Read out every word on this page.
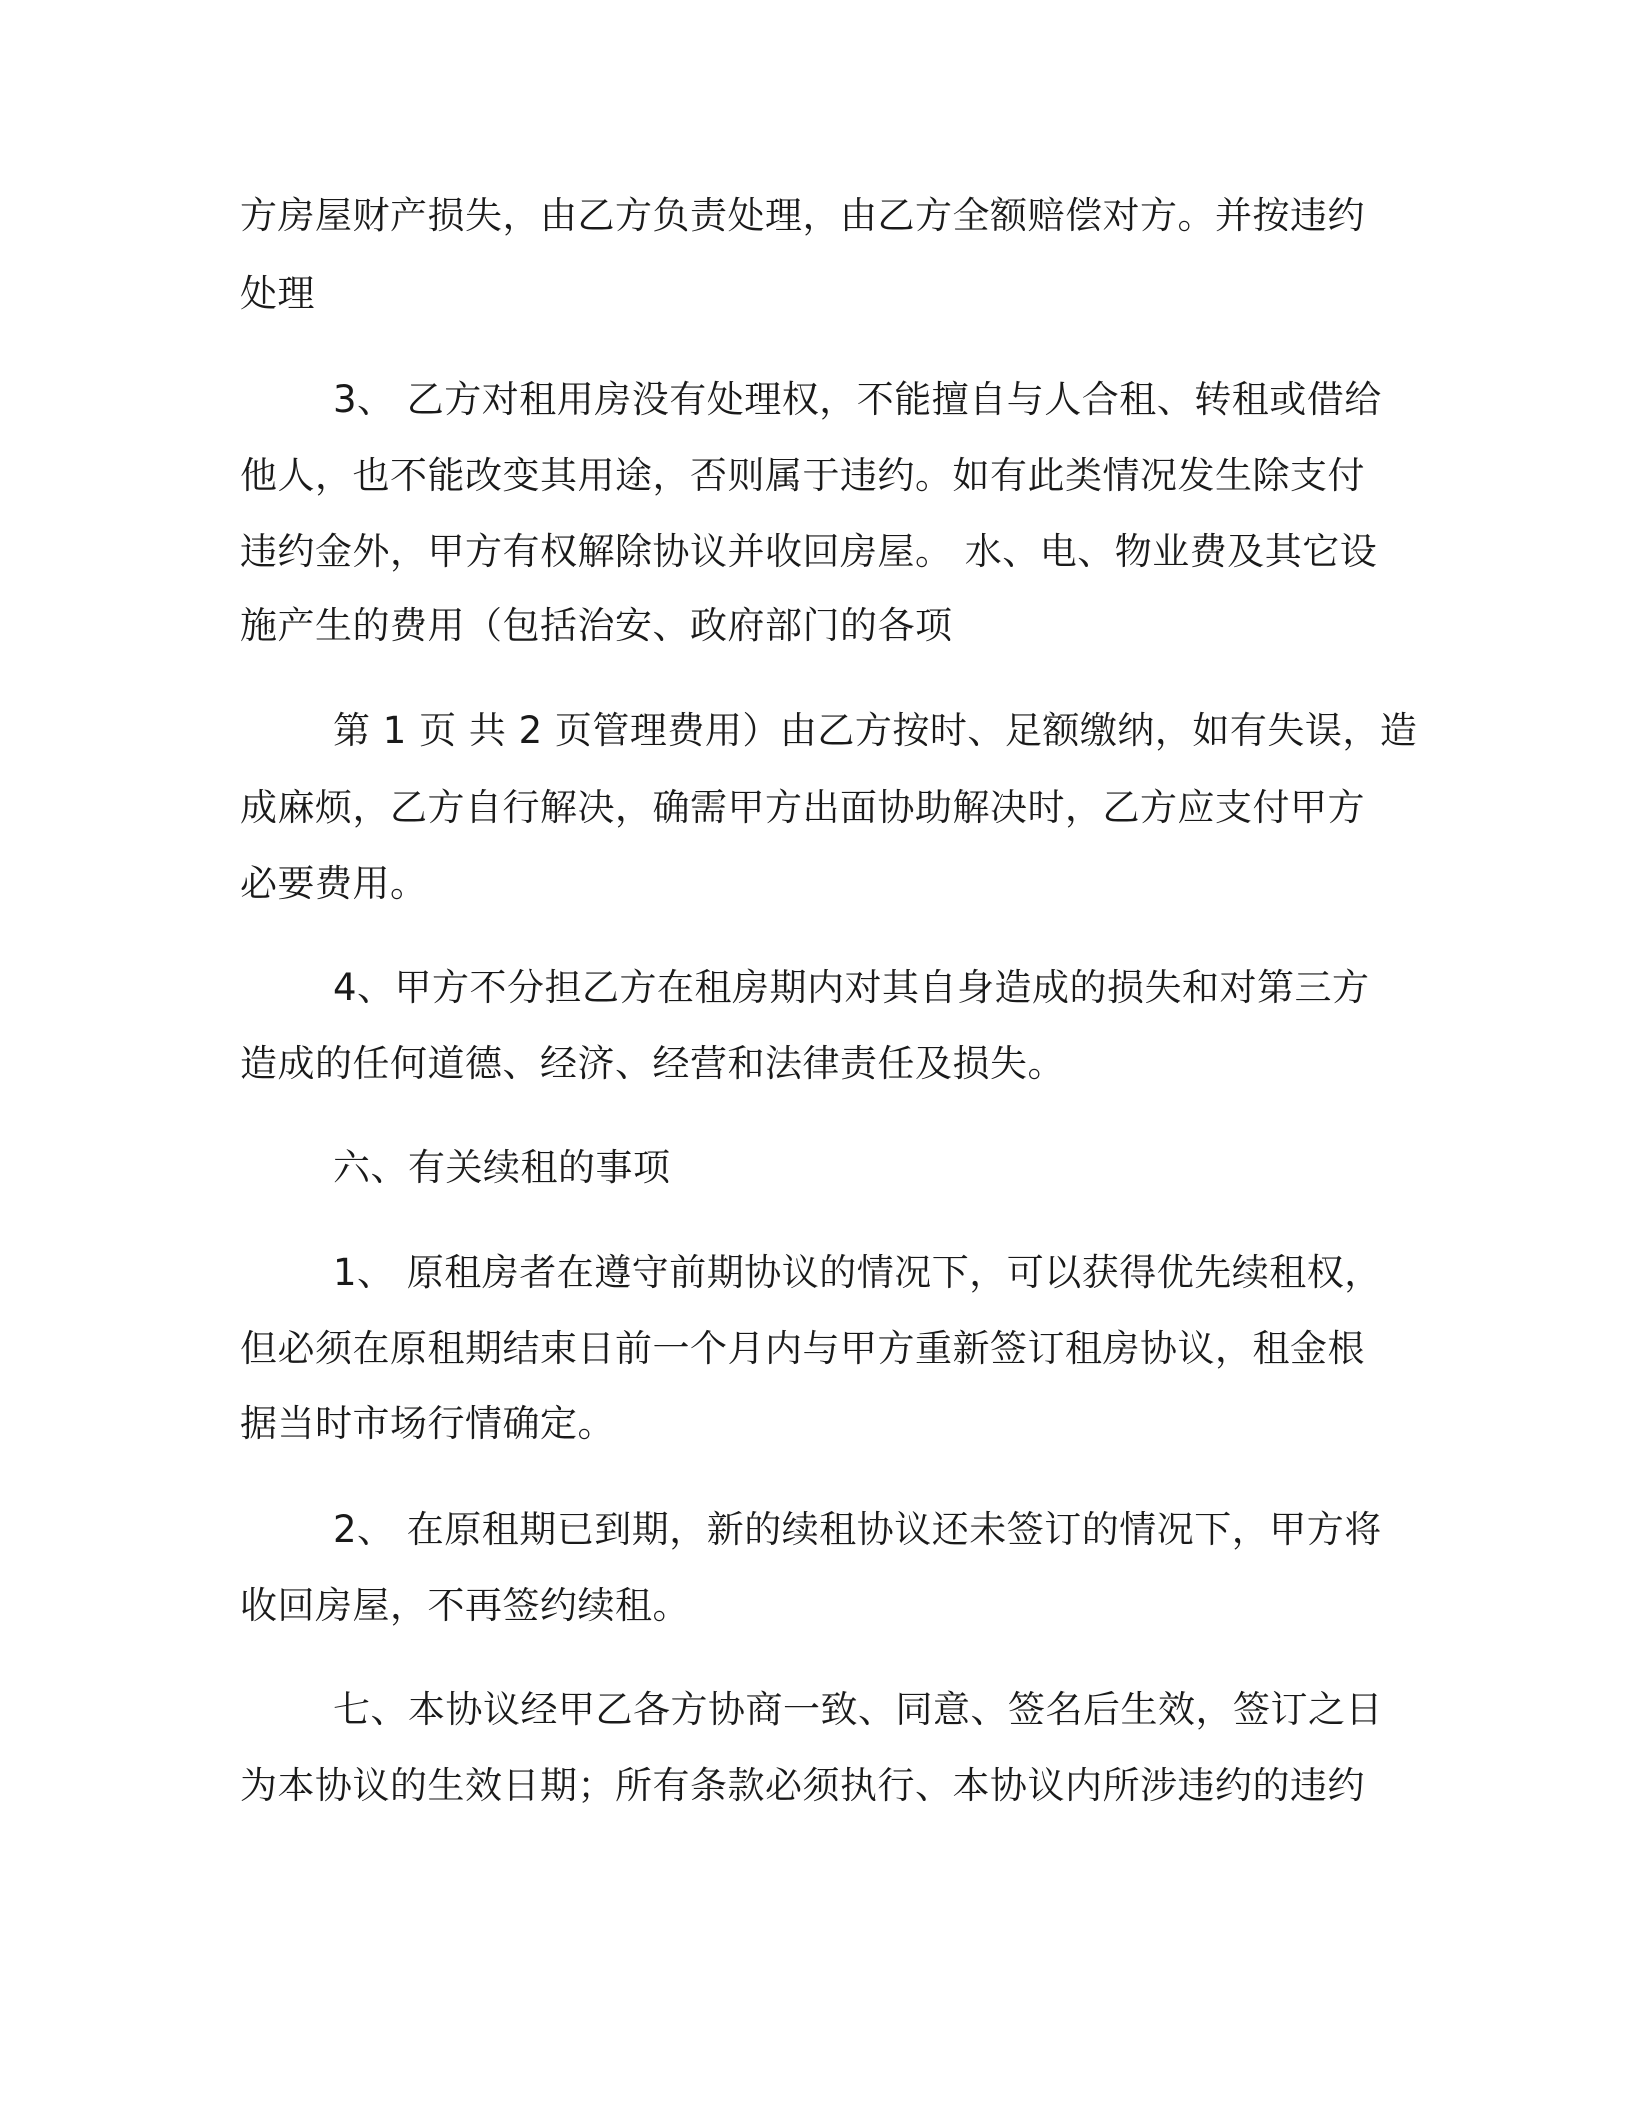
方房屋财产损失，由乙方负责处理，由乙方全额赔偿对方。并按违约

处理

3、 乙方对租用房没有处理权，不能擅自与人合租、转租或借给

他人，也不能改变其用途，否则属于违约。如有此类情况发生除支付

违约金外，甲方有权解除协议并收回房屋。 水、电、物业费及其它设

施产生的费用（包括治安、政府部门的各项

第 1 页 共 2 页管理费用）由乙方按时、足额缴纳，如有失误，造

成麻烦，乙方自行解决，确需甲方出面协助解决时，乙方应支付甲方

必要费用。

4、甲方不分担乙方在租房期内对其自身造成的损失和对第三方

造成的任何道德、经济、经营和法律责任及损失。

六、有关续租的事项

1、 原租房者在遵守前期协议的情况下，可以获得优先续租权，

但必须在原租期结束日前一个月内与甲方重新签订租房协议，租金根

据当时市场行情确定。

2、 在原租期已到期，新的续租协议还未签订的情况下，甲方将

收回房屋，不再签约续租。

七、本协议经甲乙各方协商一致、同意、签名后生效，签订之日

为本协议的生效日期；所有条款必须执行、本协议内所涉违约的违约
